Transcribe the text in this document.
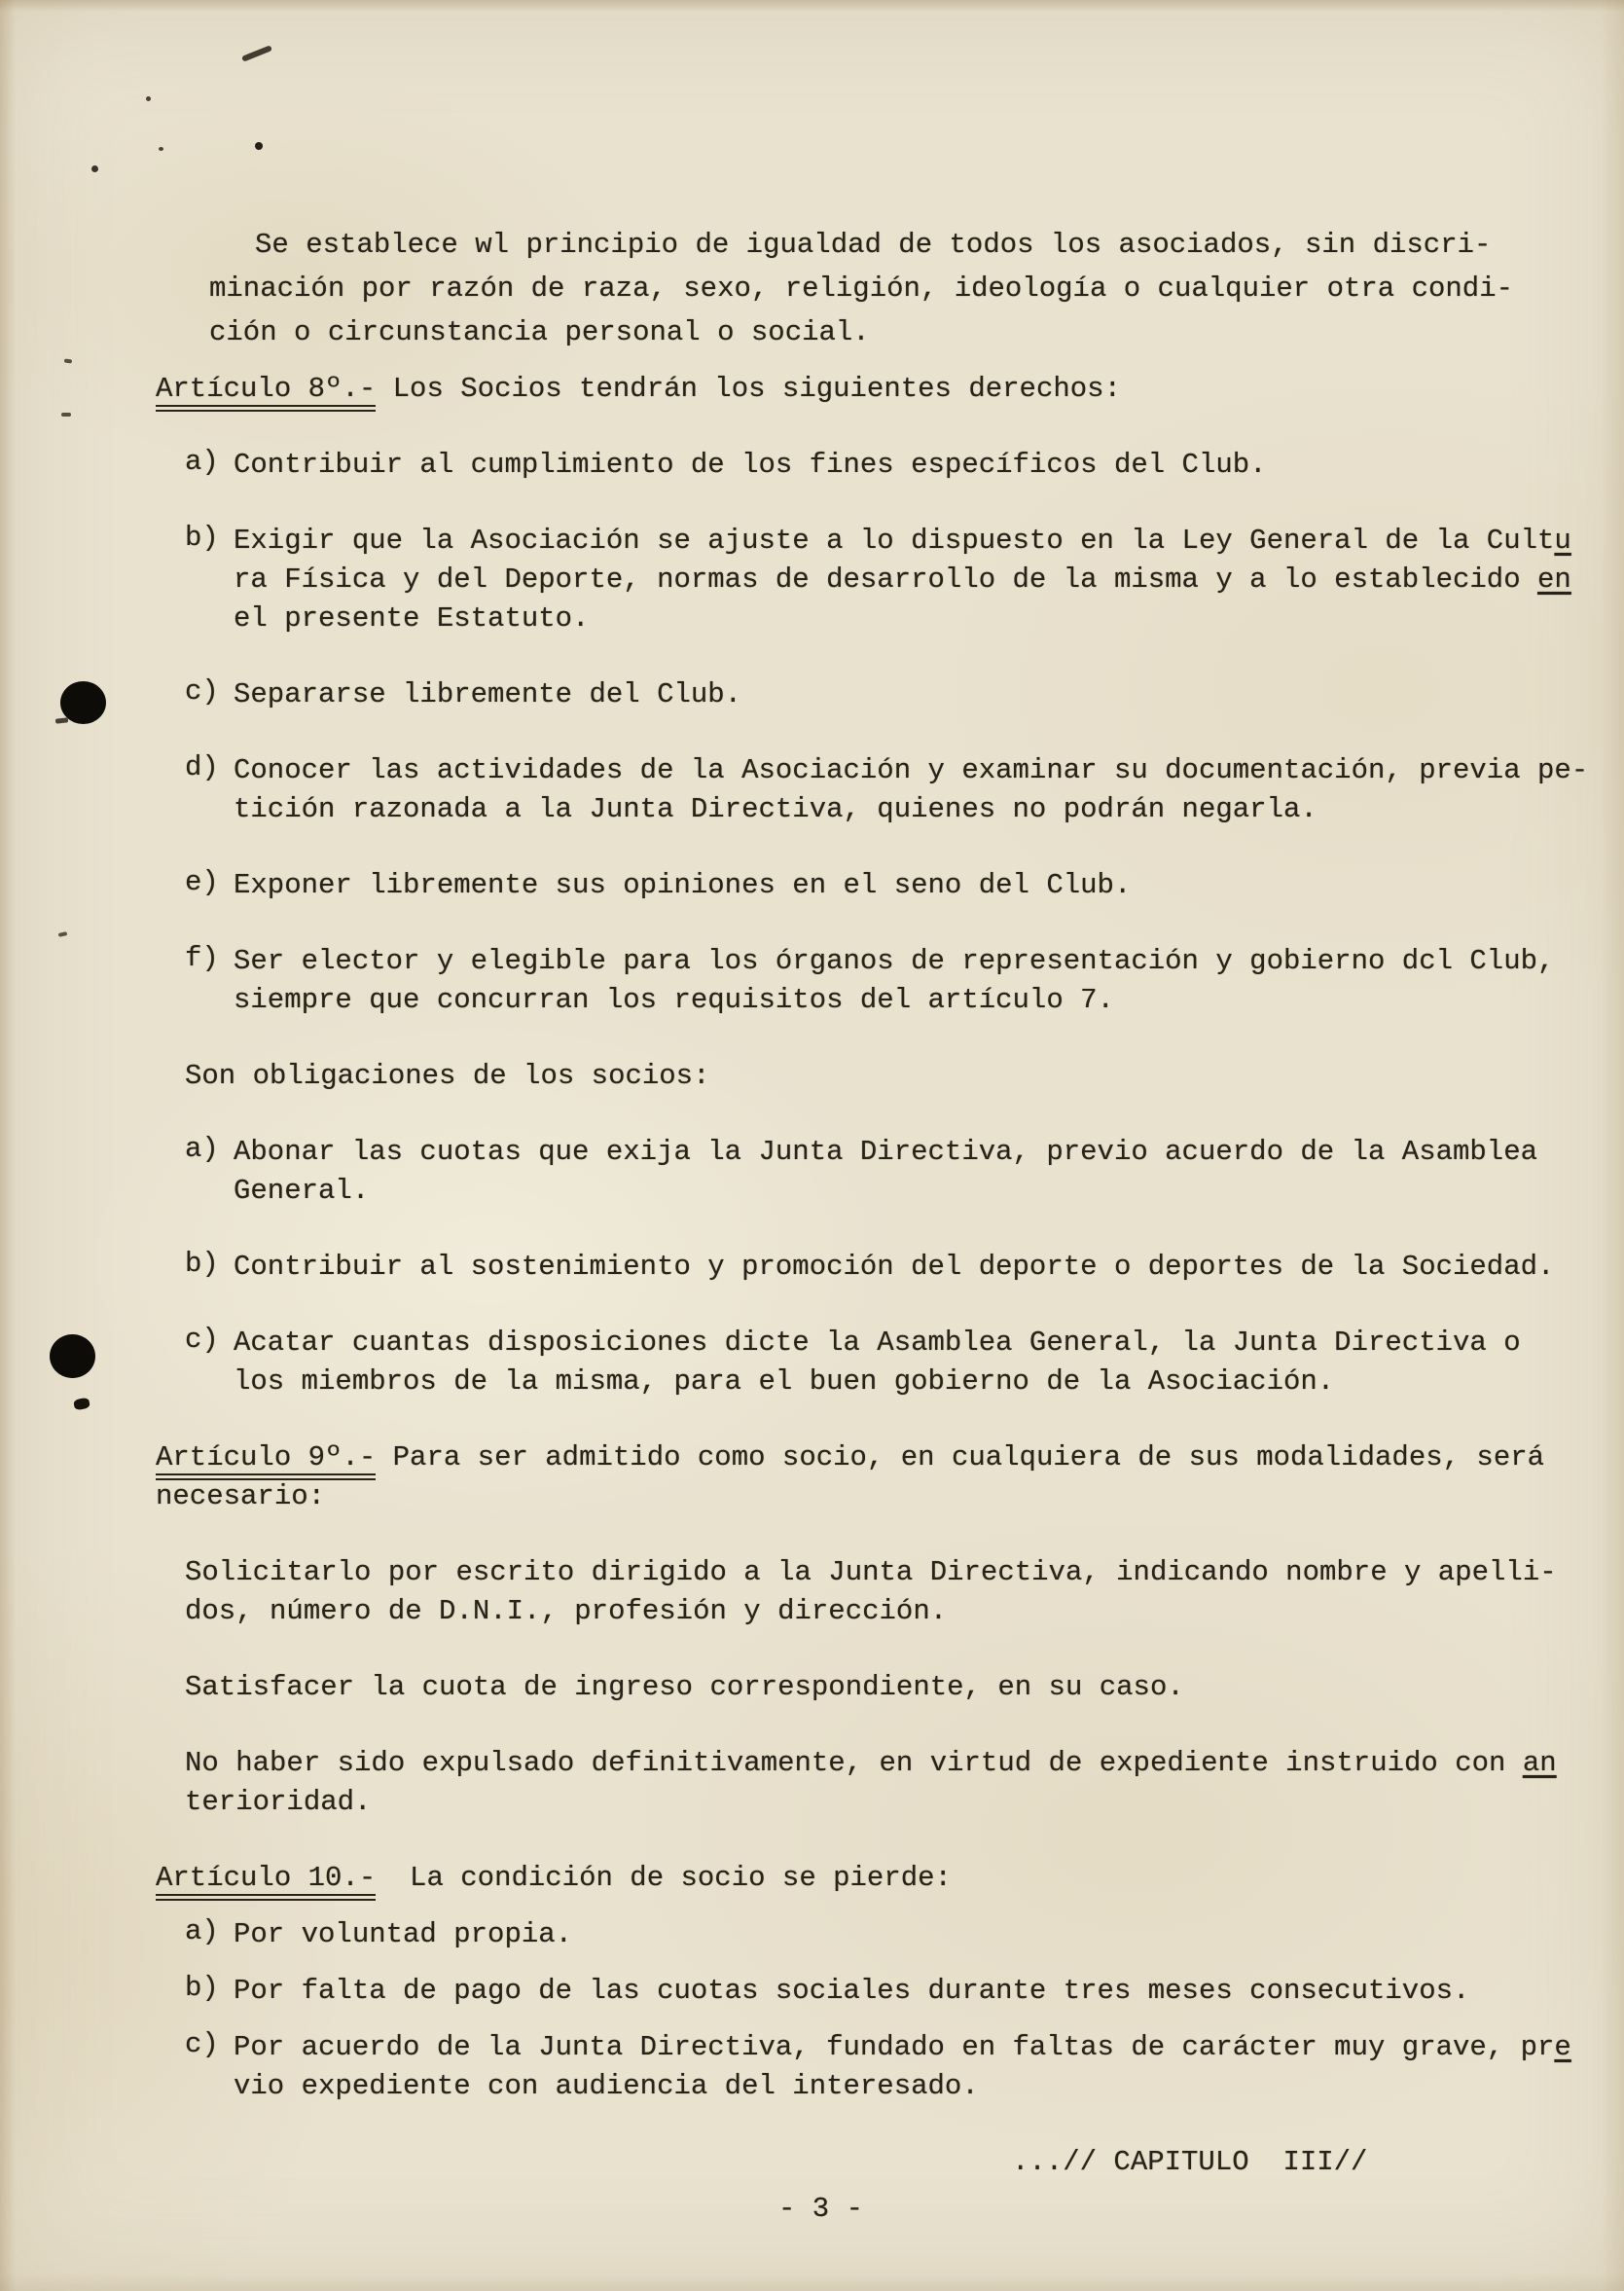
Se establece wl principio de igualdad de todos los asociados, sin discri-

minación por razón de raza, sexo, religión, ideología o cualquier otra condi-

ción o circunstancia personal o social.

Artículo 8º.- Los Socios tendrán los siguientes derechos:

a) Contribuir al cumplimiento de los fines específicos del Club.

b) Exigir que la Asociación se ajuste a lo dispuesto en la Ley General de la Cultu

ra Física y del Deporte, normas de desarrollo de la misma y a lo establecido en

el presente Estatuto.

c) Separarse libremente del Club.

d) Conocer las actividades de la Asociación y examinar su documentación, previa pe-

tición razonada a la Junta Directiva, quienes no podrán negarla.

e) Exponer libremente sus opiniones en el seno del Club.

f) Ser elector y elegible para los órganos de representación y gobierno dcl Club,

siempre que concurran los requisitos del artículo 7.

Son obligaciones de los socios:

a) Abonar las cuotas que exija la Junta Directiva, previo acuerdo de la Asamblea

General.

b) Contribuir al sostenimiento y promoción del deporte o deportes de la Sociedad.

c) Acatar cuantas disposiciones dicte la Asamblea General, la Junta Directiva o

los miembros de la misma, para el buen gobierno de la Asociación.

Artículo 9º.- Para ser admitido como socio, en cualquiera de sus modalidades, será

necesario:

Solicitarlo por escrito dirigido a la Junta Directiva, indicando nombre y apelli-

dos, número de D.N.I., profesión y dirección.

Satisfacer la cuota de ingreso correspondiente, en su caso.

No haber sido expulsado definitivamente, en virtud de expediente instruido con an

terioridad.

Artículo 10.-  La condición de socio se pierde:

a) Por voluntad propia.

b) Por falta de pago de las cuotas sociales durante tres meses consecutivos.

c) Por acuerdo de la Junta Directiva, fundado en faltas de carácter muy grave, pre

vio expediente con audiencia del interesado.

...// CAPITULO  III//

- 3 -
